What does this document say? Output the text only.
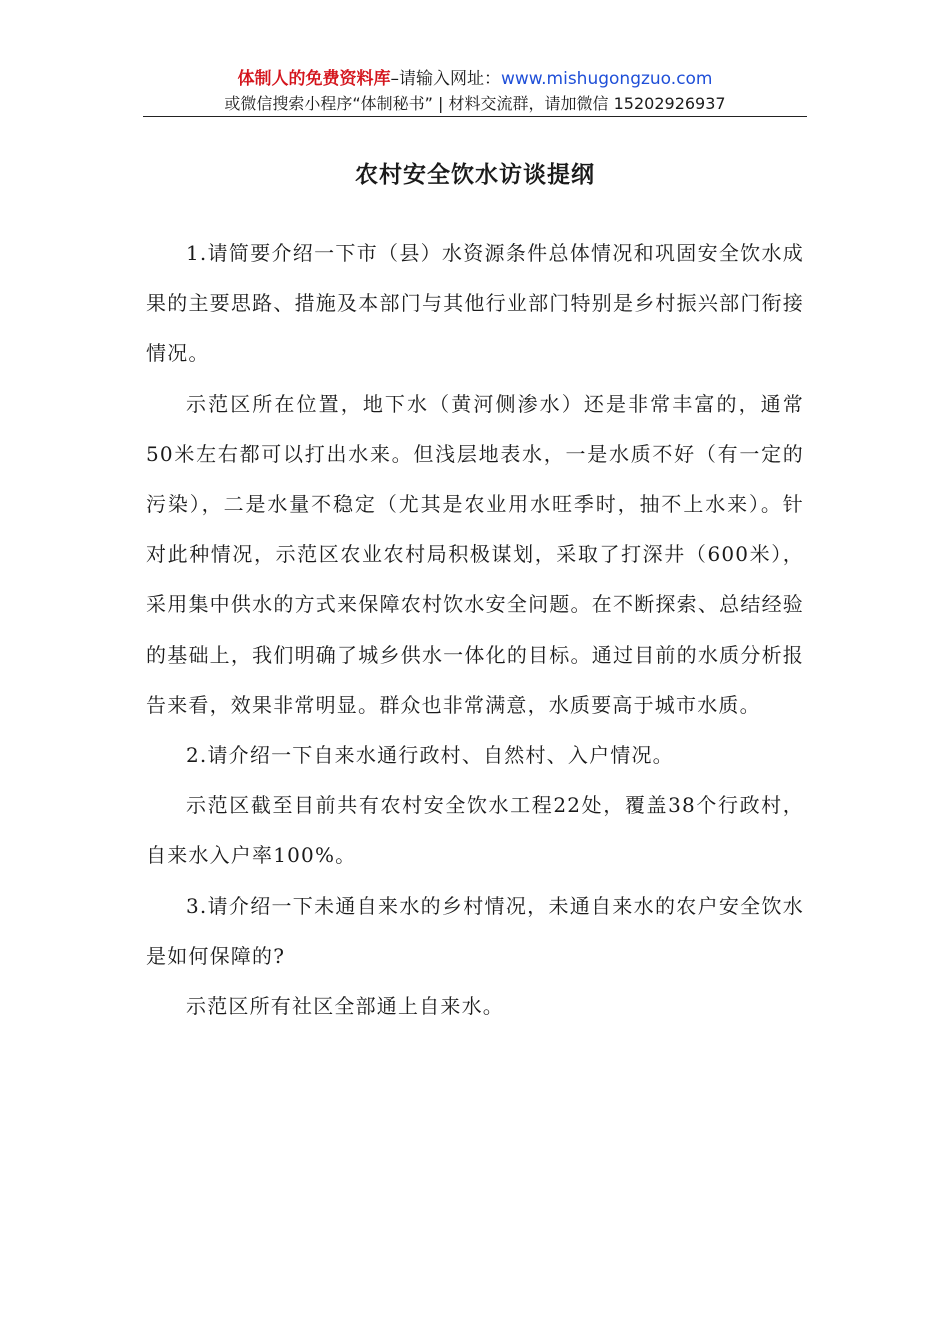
体制人的免费资料库–请输入网址：www.mishugongzuo.com
或微信搜索小程序“体制秘书” | 材料交流群，请加微信 15202926937
农村安全饮水访谈提纲

1.请简要介绍一下市（县）水资源条件总体情况和巩固安全饮水成果的主要思路、措施及本部门与其他行业部门特别是乡村振兴部门衔接情况。

示范区所在位置，地下水（黄河侧渗水）还是非常丰富的，通常50米左右都可以打出水来。但浅层地表水，一是水质不好（有一定的污染），二是水量不稳定（尤其是农业用水旺季时，抽不上水来）。针对此种情况，示范区农业农村局积极谋划，采取了打深井（600米），采用集中供水的方式来保障农村饮水安全问题。在不断探索、总结经验的基础上，我们明确了城乡供水一体化的目标。通过目前的水质分析报告来看，效果非常明显。群众也非常满意，水质要高于城市水质。

2.请介绍一下自来水通行政村、自然村、入户情况。

示范区截至目前共有农村安全饮水工程22处，覆盖38个行政村，自来水入户率100%。

3.请介绍一下未通自来水的乡村情况，未通自来水的农户安全饮水是如何保障的?

示范区所有社区全部通上自来水。
